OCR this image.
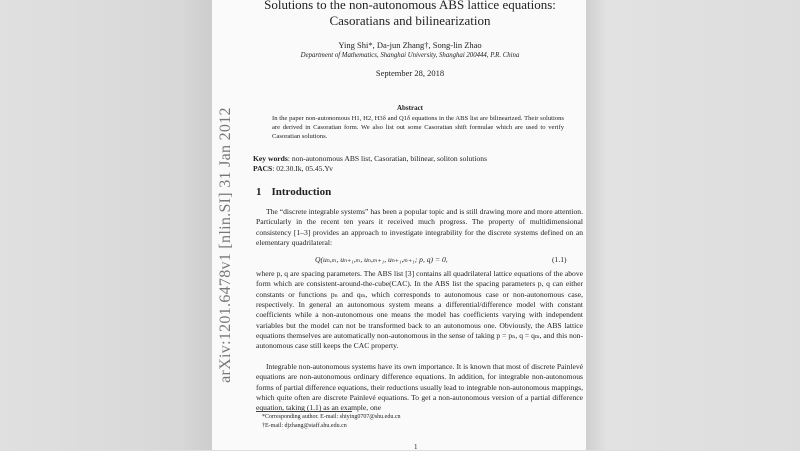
arXiv:1201.6478v1 [nlin.SI] 31 Jan 2012
Solutions to the non-autonomous ABS lattice equations:
Casoratians and bilinearization
Ying Shi*, Da-jun Zhang†, Song-lin Zhao
Department of Mathematics, Shanghai University, Shanghai 200444, P.R. China
September 28, 2018
Abstract
In the paper non-autonomous H1, H2, H3δ and Q1δ equations in the ABS list are bilinearized. Their solutions are derived in Casoratian form. We also list out some Casoratian shift formulae which are used to verify Casoratian solutions.
Key words: non-autonomous ABS list, Casoratian, bilinear, soliton solutions
PACS: 02.30.Ik, 05.45.Yv
1 Introduction
The “discrete integrable systems” has been a popular topic and is still drawing more and more attention. Particularly in the recent ten years it received much progress. The property of multidimensional consistency [1–3] provides an approach to investigate integrability for the discrete systems defined on an elementary quadrilateral:
Q(uₙ,ₘ, uₙ₊₁,ₘ, uₙ,ₘ₊₁, uₙ₊₁,ₘ₊₁; p, q) = 0,	(1.1)
where p, q are spacing parameters. The ABS list [3] contains all quadrilateral lattice equations of the above form which are consistent-around-the-cube(CAC). In the ABS list the spacing parameters p, q can either constants or functions pₙ and qₘ, which corresponds to autonomous case or non-autonomous case, respectively. In general an autonomous system means a differential/difference model with constant coefficients while a non-autonomous one means the model has coefficients varying with independent variables but the model can not be transformed back to an autonomous one. Obviously, the ABS lattice equations themselves are automatically non-autonomous in the sense of taking p = pₙ, q = qₘ, and this non-autonomous case still keeps the CAC property.
Integrable non-autonomous systems have its own importance. It is known that most of discrete Painlevé equations are non-autonomous ordinary difference equations. In addition, for integrable non-autonomous forms of partial difference equations, their reductions usually lead to integrable non-autonomous mappings, which quite often are discrete Painlevé equations. To get a non-autonomous version of a partial difference equation, taking (1.1) as an example, one
*Corresponding author. E-mail: shiying0707@shu.edu.cn
†E-mail: djzhang@staff.shu.edu.cn
1
